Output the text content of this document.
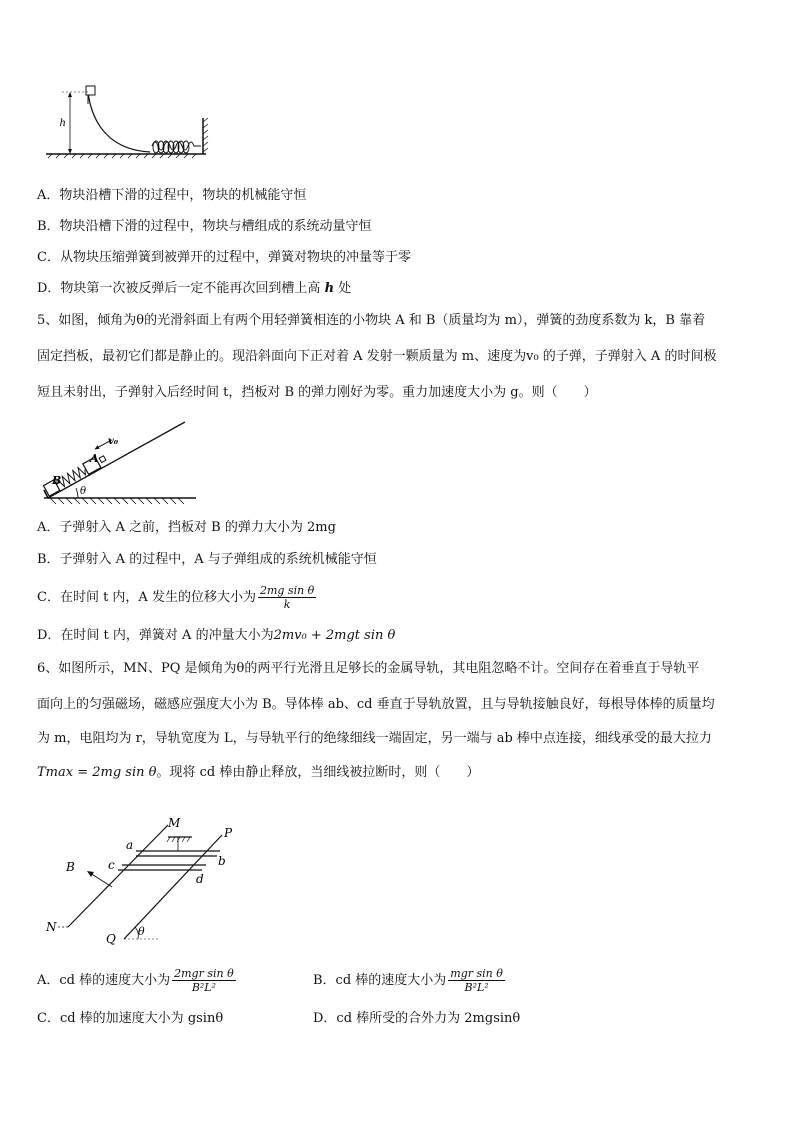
h
A．物块沿槽下滑的过程中，物块的机械能守恒
B．物块沿槽下滑的过程中，物块与槽组成的系统动量守恒
C．从物块压缩弹簧到被弹开的过程中，弹簧对物块的冲量等于零
D．物块第一次被反弹后一定不能再次回到槽上高 h 处
5、如图，倾角为θ的光滑斜面上有两个用轻弹簧相连的小物块 A 和 B（质量均为 m），弹簧的劲度系数为 k，B 靠着
固定挡板，最初它们都是静止的。现沿斜面向下正对着 A 发射一颗质量为 m、速度为v₀ 的子弹，子弹射入 A 的时间极
短且未射出，子弹射入后经时间 t，挡板对 B 的弹力刚好为零。重力加速度大小为 g。则（　　）
B
A
v₀
θ
A．子弹射入 A 之前，挡板对 B 的弹力大小为 2mg
B．子弹射入 A 的过程中，A 与子弹组成的系统机械能守恒
C．在时间 t 内，A 发生的位移大小为 $\frac{\text{2mg sin θ}}{k}$
D．在时间 t 内，弹簧对 A 的冲量大小为2mv₀ + 2mgt sin θ
6、如图所示，MN、PQ 是倾角为θ的两平行光滑且足够长的金属导轨，其电阻忽略不计。空间存在着垂直于导轨平
面向上的匀强磁场，磁感应强度大小为 B。导体棒 ab、cd 垂直于导轨放置，且与导轨接触良好，每根导体棒的质量均
为 m，电阻均为 r，导轨宽度为 L，与导轨平行的绝缘细线一端固定，另一端与 ab 棒中点连接，细线承受的最大拉力
Tmax = 2mg sin θ。现将 cd 棒由静止释放，当细线被拉断时，则（　　）
M
P
N
Q
a
b
c
d
B
θ
A．cd 棒的速度大小为 $\frac{\text{2mgr sin θ}}{\text{B²L²}}$	B．cd 棒的速度大小为 $\frac{\text{mgr sin θ}}{\text{B²L²}}$
C．cd 棒的加速度大小为 gsinθ	D．cd 棒所受的合外力为 2mgsinθ
